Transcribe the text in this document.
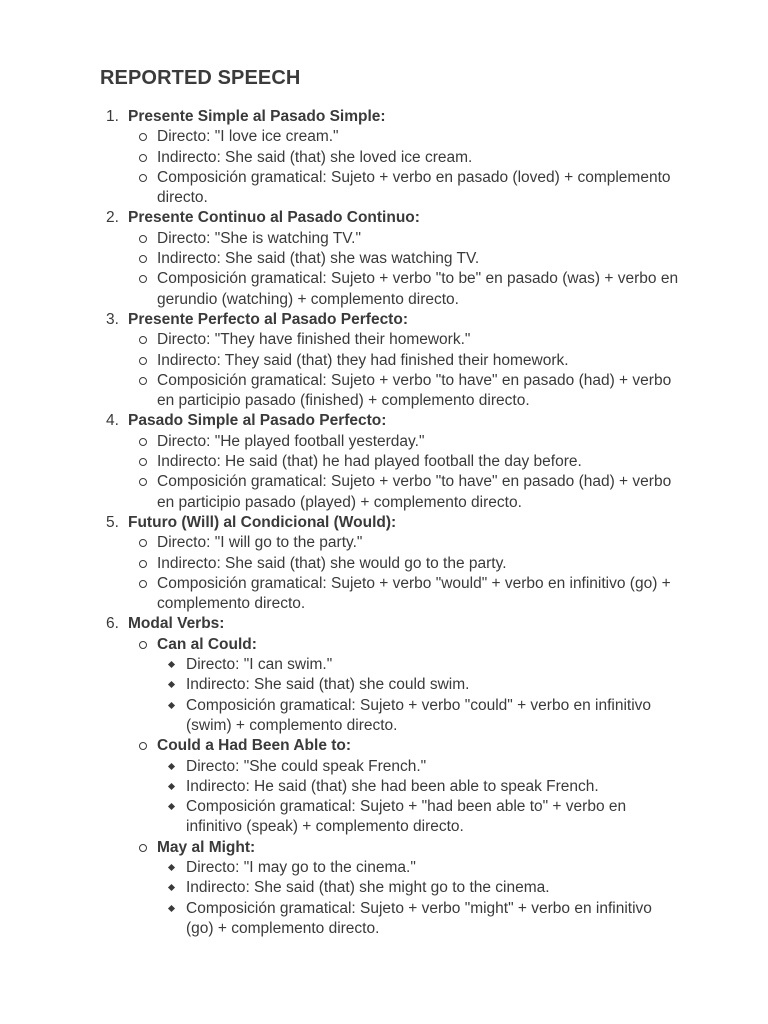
REPORTED SPEECH
1. Presente Simple al Pasado Simple:
Directo: "I love ice cream."
Indirecto: She said (that) she loved ice cream.
Composición gramatical: Sujeto + verbo en pasado (loved) + complemento directo.
2. Presente Continuo al Pasado Continuo:
Directo: "She is watching TV."
Indirecto: She said (that) she was watching TV.
Composición gramatical: Sujeto + verbo "to be" en pasado (was) + verbo en gerundio (watching) + complemento directo.
3. Presente Perfecto al Pasado Perfecto:
Directo: "They have finished their homework."
Indirecto: They said (that) they had finished their homework.
Composición gramatical: Sujeto + verbo "to have" en pasado (had) + verbo en participio pasado (finished) + complemento directo.
4. Pasado Simple al Pasado Perfecto:
Directo: "He played football yesterday."
Indirecto: He said (that) he had played football the day before.
Composición gramatical: Sujeto + verbo "to have" en pasado (had) + verbo en participio pasado (played) + complemento directo.
5. Futuro (Will) al Condicional (Would):
Directo: "I will go to the party."
Indirecto: She said (that) she would go to the party.
Composición gramatical: Sujeto + verbo "would" + verbo en infinitivo (go) + complemento directo.
6. Modal Verbs:
Can al Could:
Directo: "I can swim."
Indirecto: She said (that) she could swim.
Composición gramatical: Sujeto + verbo "could" + verbo en infinitivo (swim) + complemento directo.
Could a Had Been Able to:
Directo: "She could speak French."
Indirecto: He said (that) she had been able to speak French.
Composición gramatical: Sujeto + "had been able to" + verbo en infinitivo (speak) + complemento directo.
May al Might:
Directo: "I may go to the cinema."
Indirecto: She said (that) she might go to the cinema.
Composición gramatical: Sujeto + verbo "might" + verbo en infinitivo (go) + complemento directo.
